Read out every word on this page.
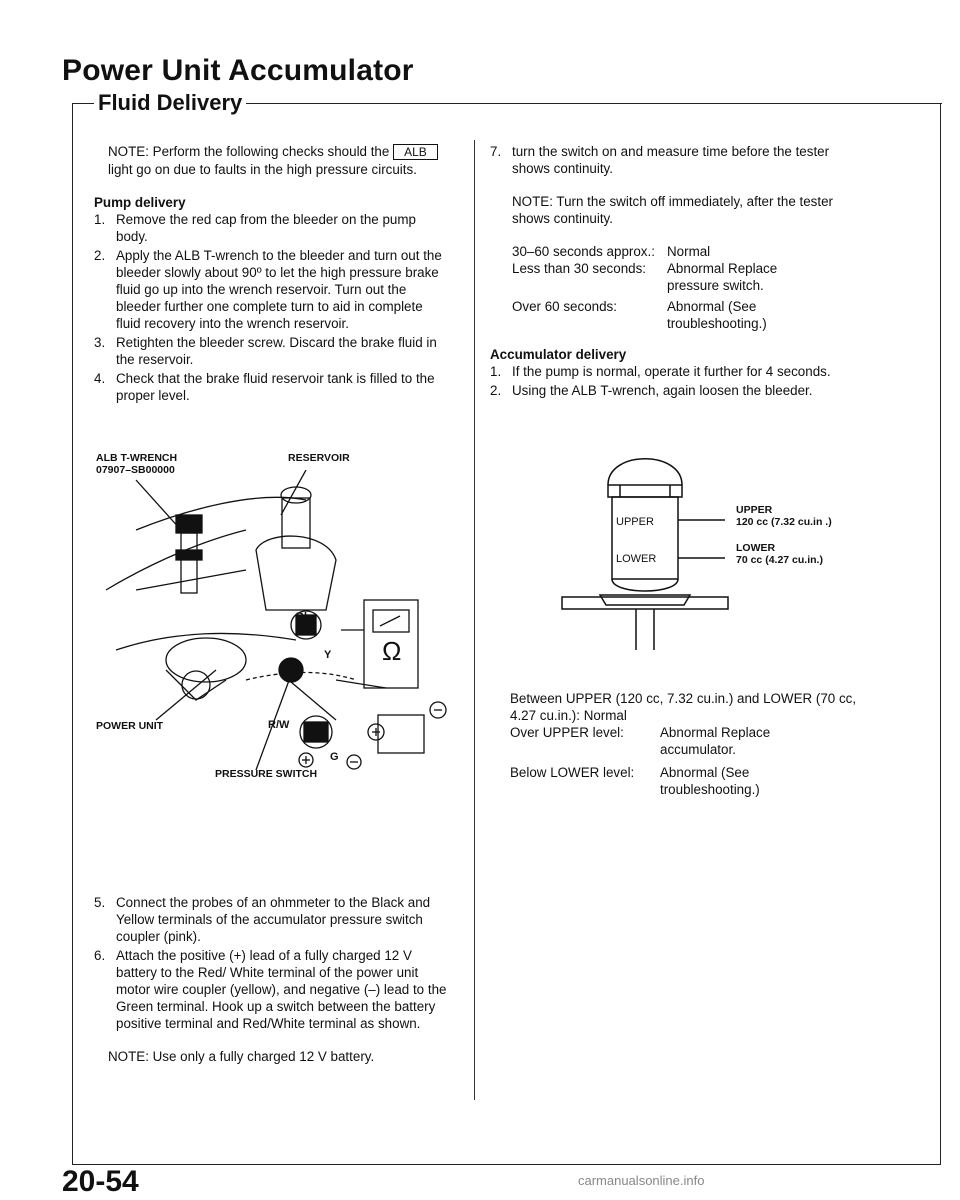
Power Unit Accumulator
Fluid Delivery
NOTE: Perform the following checks should the ALB light go on due to faults in the high pressure circuits.
Pump delivery
1. Remove the red cap from the bleeder on the pump body.
2. Apply the ALB T-wrench to the bleeder and turn out the bleeder slowly about 90º to let the high pressure brake fluid go up into the wrench reservoir. Turn out the bleeder further one complete turn to aid in complete fluid recovery into the wrench reservoir.
3. Retighten the bleeder screw. Discard the brake fluid in the reservoir.
4. Check that the brake fluid reservoir tank is filled to the proper level.
ALB T-WRENCH
07907–SB00000
RESERVOIR
POWER UNIT
PRESSURE SWITCH
Ω
Bl
Y
R/W
G
5. Connect the probes of an ohmmeter to the Black and Yellow terminals of the accumulator pressure switch coupler (pink).
6. Attach the positive (+) lead of a fully charged 12 V battery to the Red/ White terminal of the power unit motor wire coupler (yellow), and negative (–) lead to the Green terminal. Hook up a switch between the battery positive terminal and Red/White terminal as shown.
NOTE: Use only a fully charged 12 V battery.
7. turn the switch on and measure time before the tester shows continuity.
NOTE: Turn the switch off immediately, after the tester shows continuity.
30–60 seconds approx.: Normal
Less than 30 seconds:	Abnormal Replace pressure switch.
Over 60 seconds:	Abnormal (See troubleshooting.)
Accumulator delivery
1. If the pump is normal, operate it further for 4 seconds.
2. Using the ALB T-wrench, again loosen the bleeder.
UPPER
LOWER
UPPER
120 cc (7.32 cu.in .)
LOWER
70 cc (4.27 cu.in.)
Between UPPER (120 cc, 7.32 cu.in.) and LOWER (70 cc, 4.27 cu.in.): Normal
Over UPPER level:	Abnormal Replace accumulator.
Below LOWER level:	Abnormal (See troubleshooting.)
20-54	carmanualsonline.info
